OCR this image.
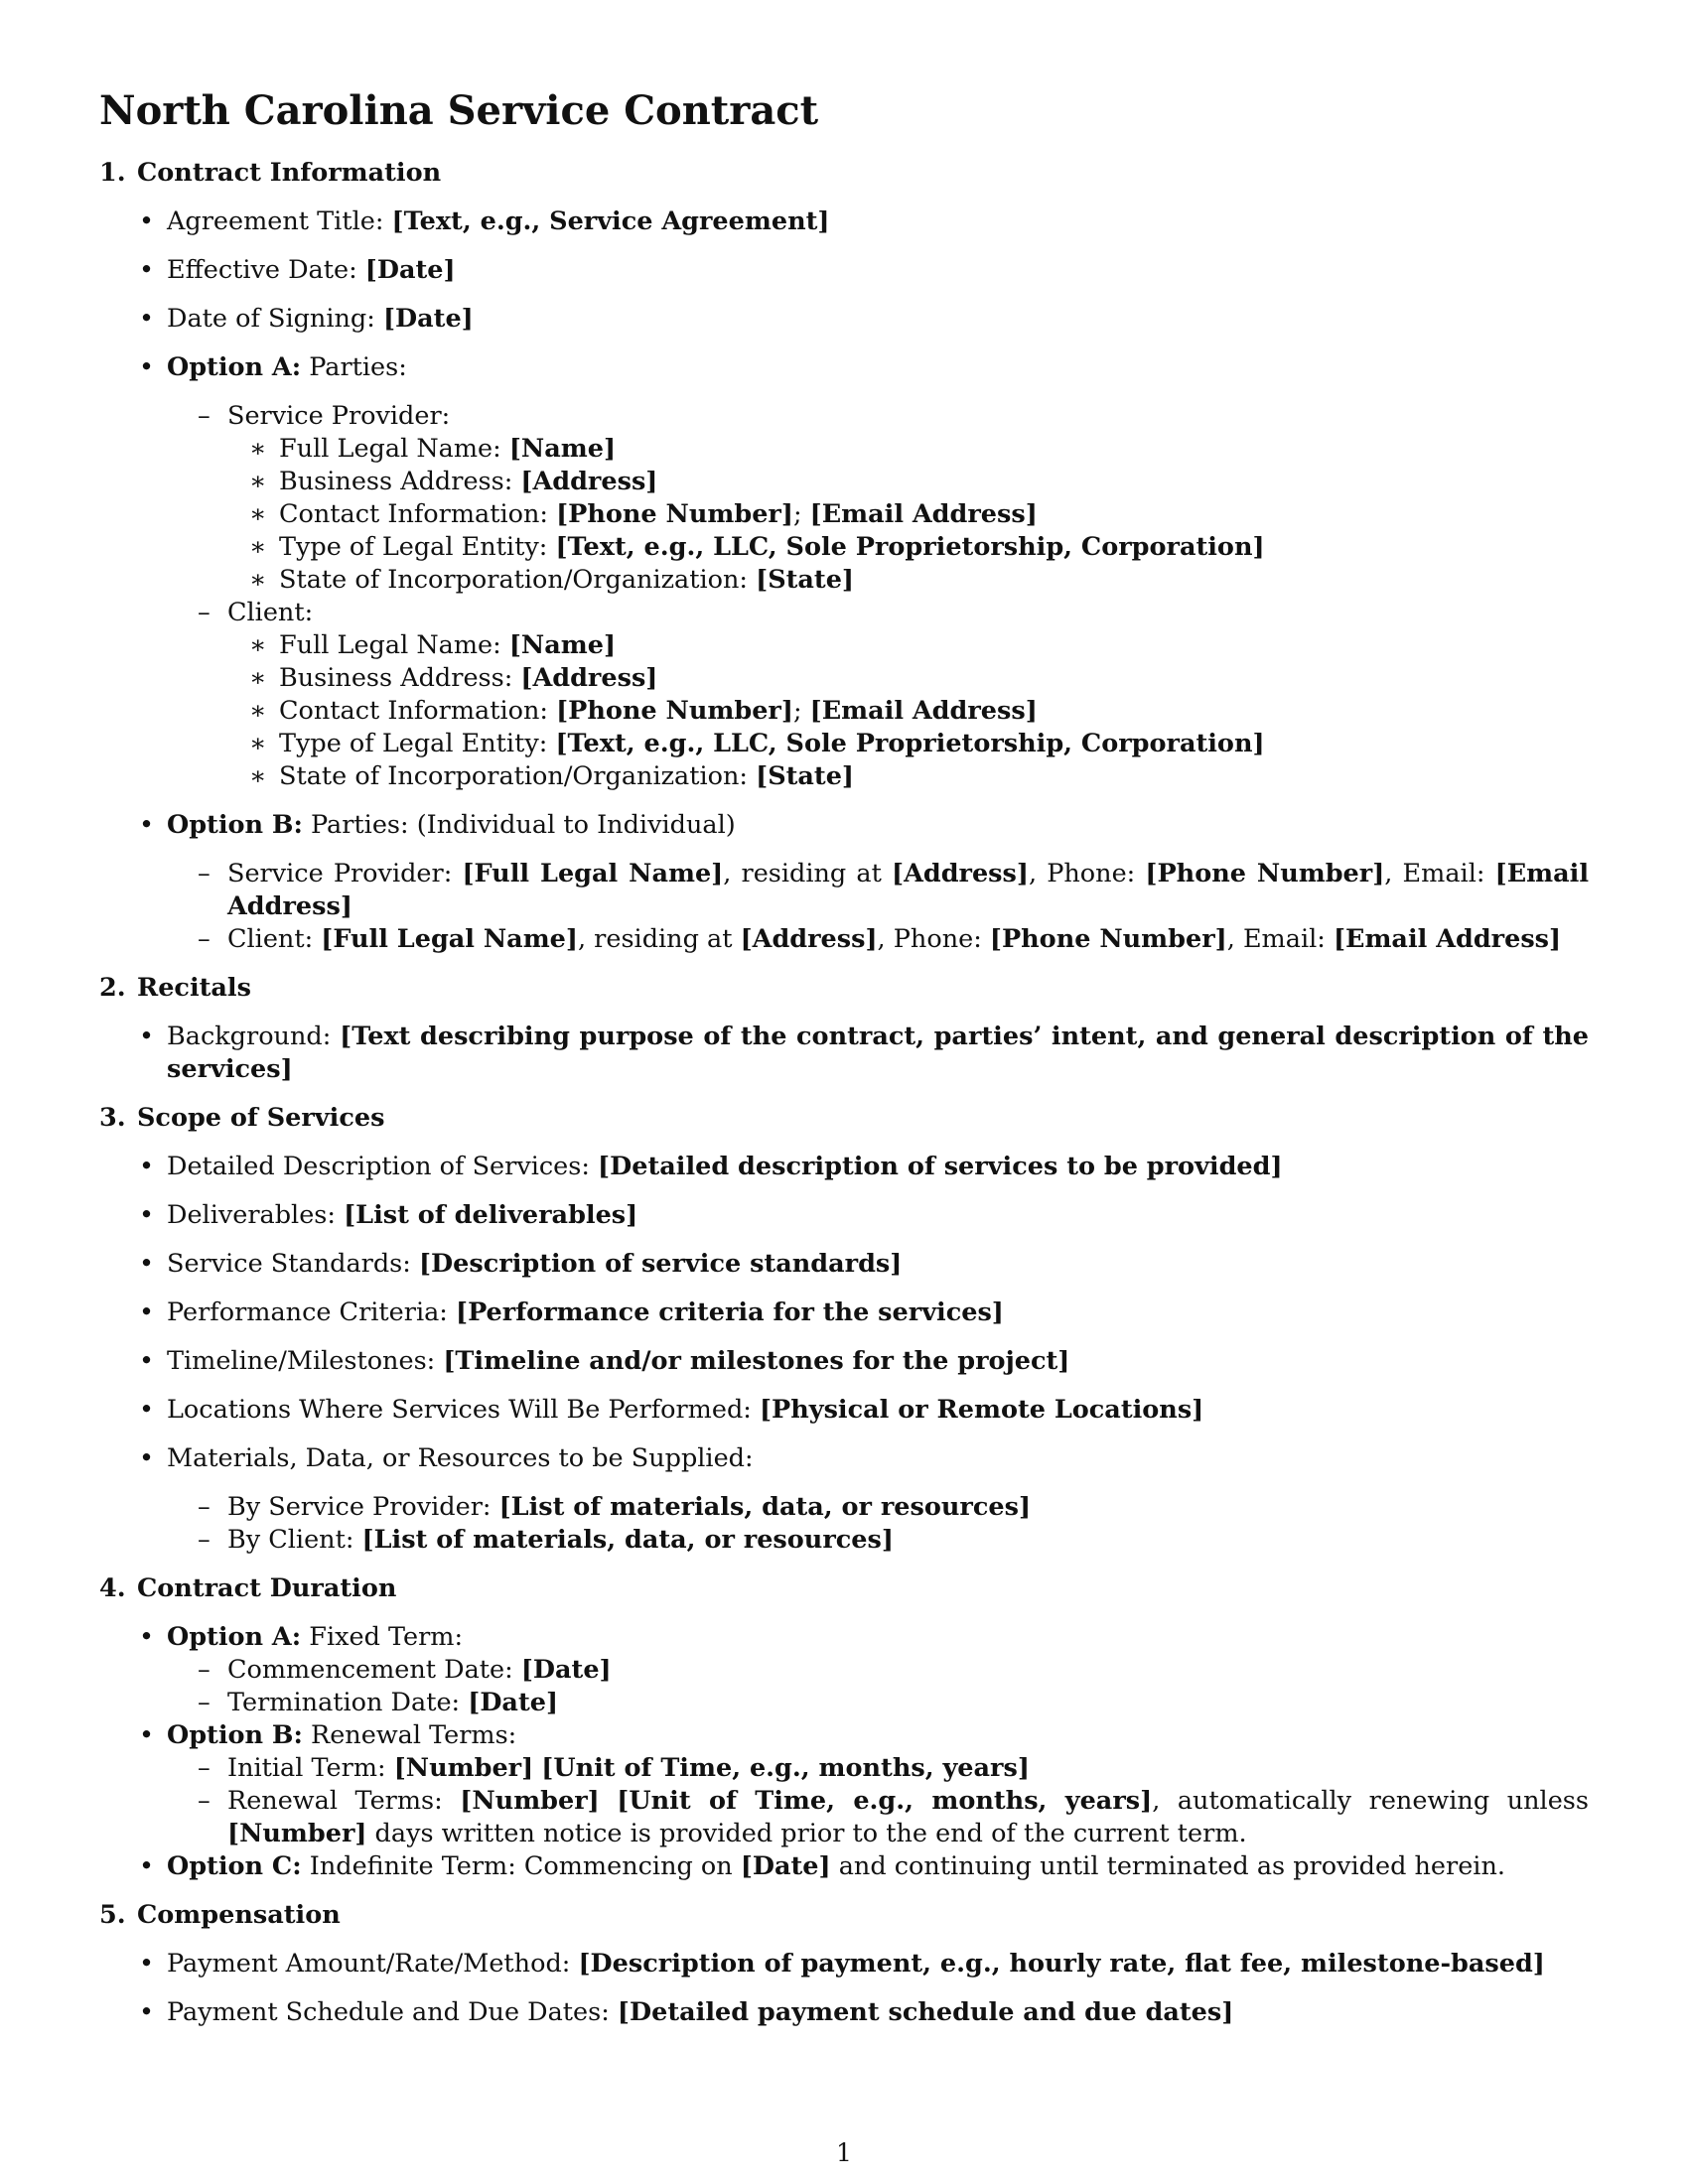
North Carolina Service Contract
1. Contract Information
• Agreement Title: [Text, e.g., Service Agreement]
• Effective Date: [Date]
• Date of Signing: [Date]
• Option A: Parties:
– Service Provider:
∗ Full Legal Name: [Name]
∗ Business Address: [Address]
∗ Contact Information: [Phone Number]; [Email Address]
∗ Type of Legal Entity: [Text, e.g., LLC, Sole Proprietorship, Corporation]
∗ State of Incorporation/Organization: [State]
– Client:
∗ Full Legal Name: [Name]
∗ Business Address: [Address]
∗ Contact Information: [Phone Number]; [Email Address]
∗ Type of Legal Entity: [Text, e.g., LLC, Sole Proprietorship, Corporation]
∗ State of Incorporation/Organization: [State]
• Option B: Parties: (Individual to Individual)
– Service Provider: [Full Legal Name], residing at [Address], Phone: [Phone Number], Email: [Email Address]
– Client: [Full Legal Name], residing at [Address], Phone: [Phone Number], Email: [Email Address]
2. Recitals
• Background: [Text describing purpose of the contract, parties’ intent, and general description of the services]
3. Scope of Services
• Detailed Description of Services: [Detailed description of services to be provided]
• Deliverables: [List of deliverables]
• Service Standards: [Description of service standards]
• Performance Criteria: [Performance criteria for the services]
• Timeline/Milestones: [Timeline and/or milestones for the project]
• Locations Where Services Will Be Performed: [Physical or Remote Locations]
• Materials, Data, or Resources to be Supplied:
– By Service Provider: [List of materials, data, or resources]
– By Client: [List of materials, data, or resources]
4. Contract Duration
• Option A: Fixed Term:
– Commencement Date: [Date]
– Termination Date: [Date]
• Option B: Renewal Terms:
– Initial Term: [Number] [Unit of Time, e.g., months, years]
– Renewal Terms: [Number] [Unit of Time, e.g., months, years], automatically renewing unless [Number] days written notice is provided prior to the end of the current term.
• Option C: Indefinite Term: Commencing on [Date] and continuing until terminated as provided herein.
5. Compensation
• Payment Amount/Rate/Method: [Description of payment, e.g., hourly rate, flat fee, milestone-based]
• Payment Schedule and Due Dates: [Detailed payment schedule and due dates]
1
